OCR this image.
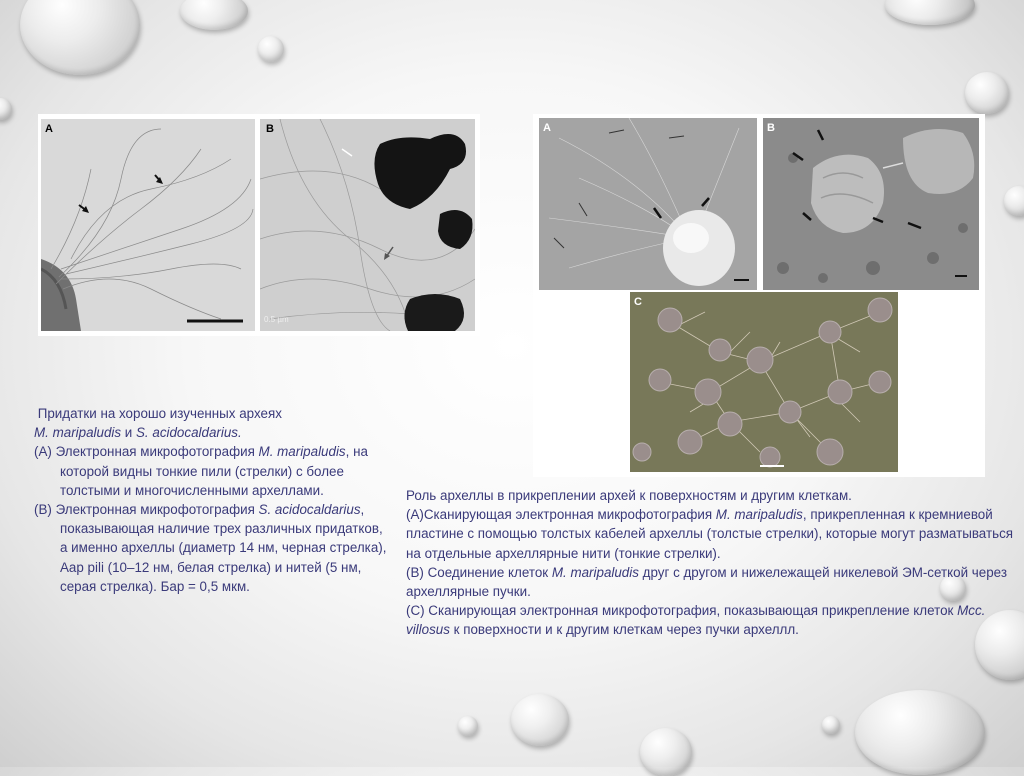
A	B
0.5 µm
A	B
C

Придатки на хорошо изученных археях

M. maripaludis и S. acidocaldarius.

(A) Электронная микрофотография M. maripaludis, на которой видны тонкие пили (стрелки) с более толстыми и многочисленными археллами.

(B) Электронная микрофотография S. acidocaldarius, показывающая наличие трех различных придатков, а именно археллы (диаметр 14 нм, черная стрелка), Aap pili (10–12 нм, белая стрелка) и нитей (5 нм, серая стрелка). Бар = 0,5 мкм.

Роль археллы в прикреплении архей к поверхностям и другим клеткам.

(A)Сканирующая электронная микрофотография M. maripaludis, прикрепленная к кремниевой пластине с помощью толстых кабелей археллы (толстые стрелки), которые могут разматываться на отдельные археллярные нити (тонкие стрелки).

(B) Соединение клеток M. maripaludis друг с другом и нижележащей никелевой ЭМ-сеткой через археллярные пучки.

(C) Сканирующая электронная микрофотография, показывающая прикрепление клеток Mcc. villosus к поверхности и к другим клеткам через пучки археллл.
